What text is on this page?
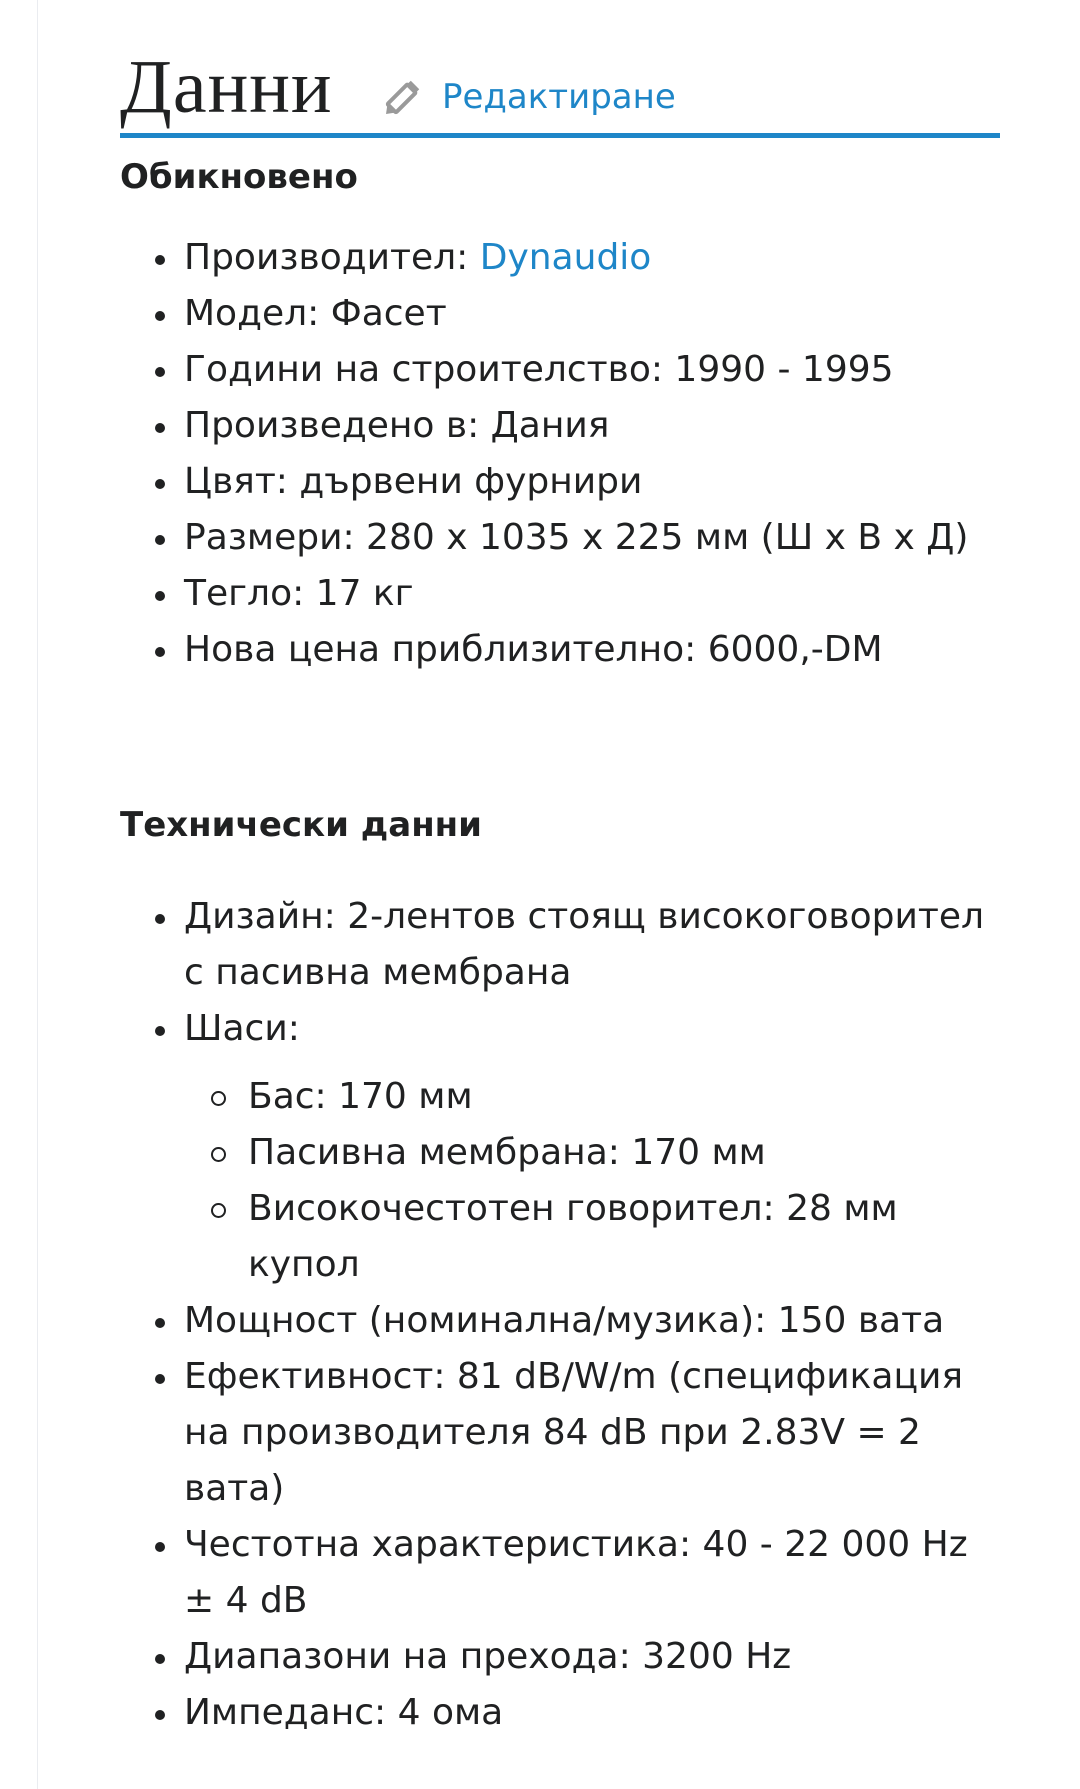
Данни	Редактиране
Обикновено
Производител: Dynaudio
Модел: Фасет
Години на строителство: 1990 - 1995
Произведено в: Дания
Цвят: дървени фурнири
Размери: 280 x 1035 x 225 мм (Ш x В x Д)
Тегло: 17 кг
Нова цена приблизително: 6000,-DM
Технически данни
Дизайн: 2-лентов стоящ високоговорител с пасивна мембрана
Шаси:
Бас: 170 мм
Пасивна мембрана: 170 мм
Високочестотен говорител: 28 мм купол
Мощност (номинална/музика): 150 вата
Ефективност: 81 dB/W/m (спецификация на производителя 84 dB при 2.83V = 2 вата)
Честотна характеристика: 40 - 22 000 Hz ± 4 dB
Диапазони на прехода: 3200 Hz
Импеданс: 4 ома
